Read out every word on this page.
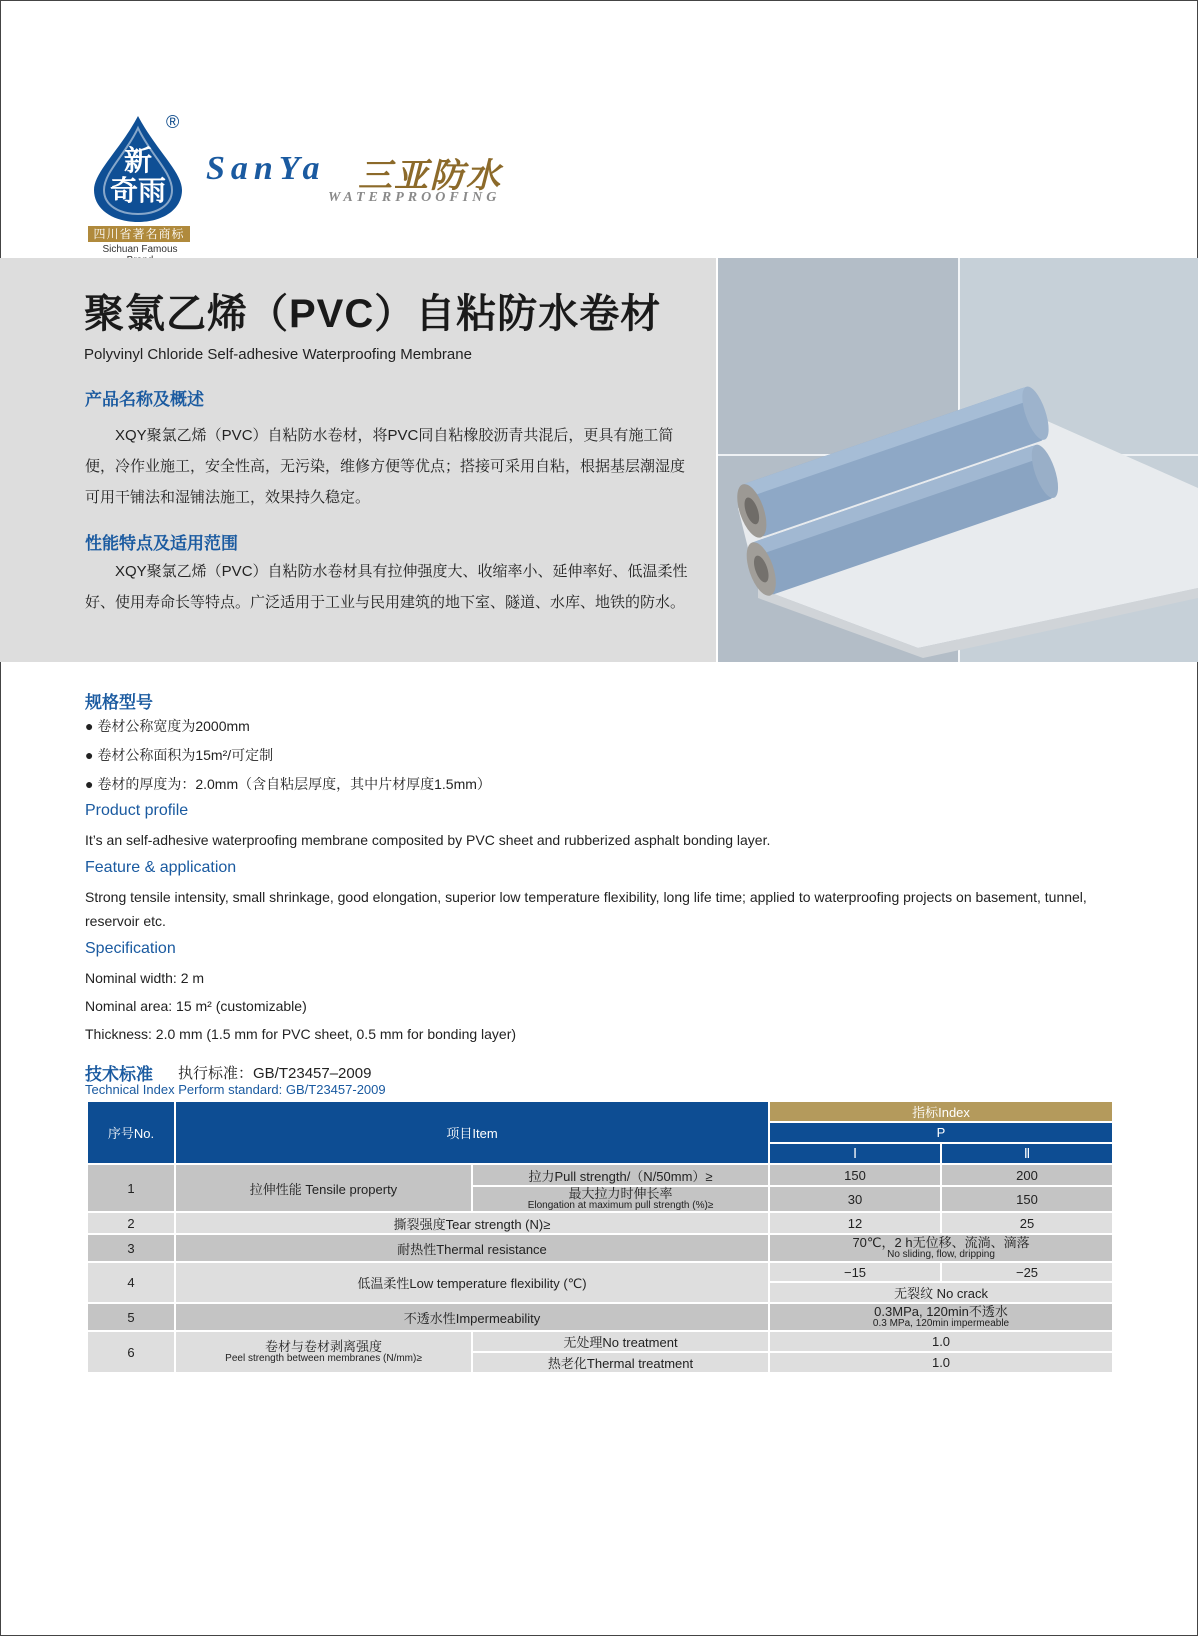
新
奇雨
®
四川省著名商标
Sichuan Famous
SanYa 三亚防水
WATERPROOFING
聚氯乙烯（PVC）自粘防水卷材
Polyvinyl Chloride Self-adhesive Waterproofing Membrane
产品名称及概述
XQY聚氯乙烯（PVC）自粘防水卷材，将PVC同自粘橡胶沥青共混后，更具有施工简便，冷作业施工，安全性高，无污染，维修方便等优点；搭接可采用自粘，根据基层潮湿度可用干铺法和湿铺法施工，效果持久稳定。
性能特点及适用范围
XQY聚氯乙烯（PVC）自粘防水卷材具有拉伸强度大、收缩率小、延伸率好、低温柔性好、使用寿命长等特点。广泛适用于工业与民用建筑的地下室、隧道、水库、地铁的防水。
规格型号
● 卷材公称宽度为2000mm
● 卷材公称面积为15m²/可定制
● 卷材的厚度为：2.0mm（含自粘层厚度，其中片材厚度1.5mm）
Product profile
It’s an self-adhesive waterproofing membrane composited by PVC sheet and rubberized asphalt bonding layer.
Feature & application
Strong tensile intensity, small shrinkage, good elongation, superior low temperature flexibility, long life time; applied to waterproofing projects on basement, tunnel, reservoir etc.
Specification
Nominal width: 2 m
Nominal area: 15 m² (customizable)
Thickness: 2.0 mm (1.5 mm for PVC sheet, 0.5 mm for bonding layer)
技术标准 执行标准：GB/T23457–2009
Technical Index Perform standard: GB/T23457-2009
序号No.	项目Item		指标Index	
			P	
			Ⅰ	Ⅱ
1	拉伸性能 Tensile property	拉力Pull strength/（N/50mm）≥	150	200

		最大拉力时伸长率
Elongation at maximum pull strength (%)≥	30	150
2	撕裂强度Tear strength (N)≥		12	25
3	耐热性Thermal resistance		70℃，2 h无位移、流淌、滴落
No sliding, flow, dripping	

4	低温柔性Low temperature flexibility (℃)		−15	−25
			无裂纹 No crack	
5	不透水性Impermeability		0.3MPa, 120min不透水
0.3 MPa, 120min impermeable	

6	卷材与卷材剥离强度
Peel strength between membranes (N/mm)≥	无处理No treatment	1.0	
		热老化Thermal treatment	1.0	
